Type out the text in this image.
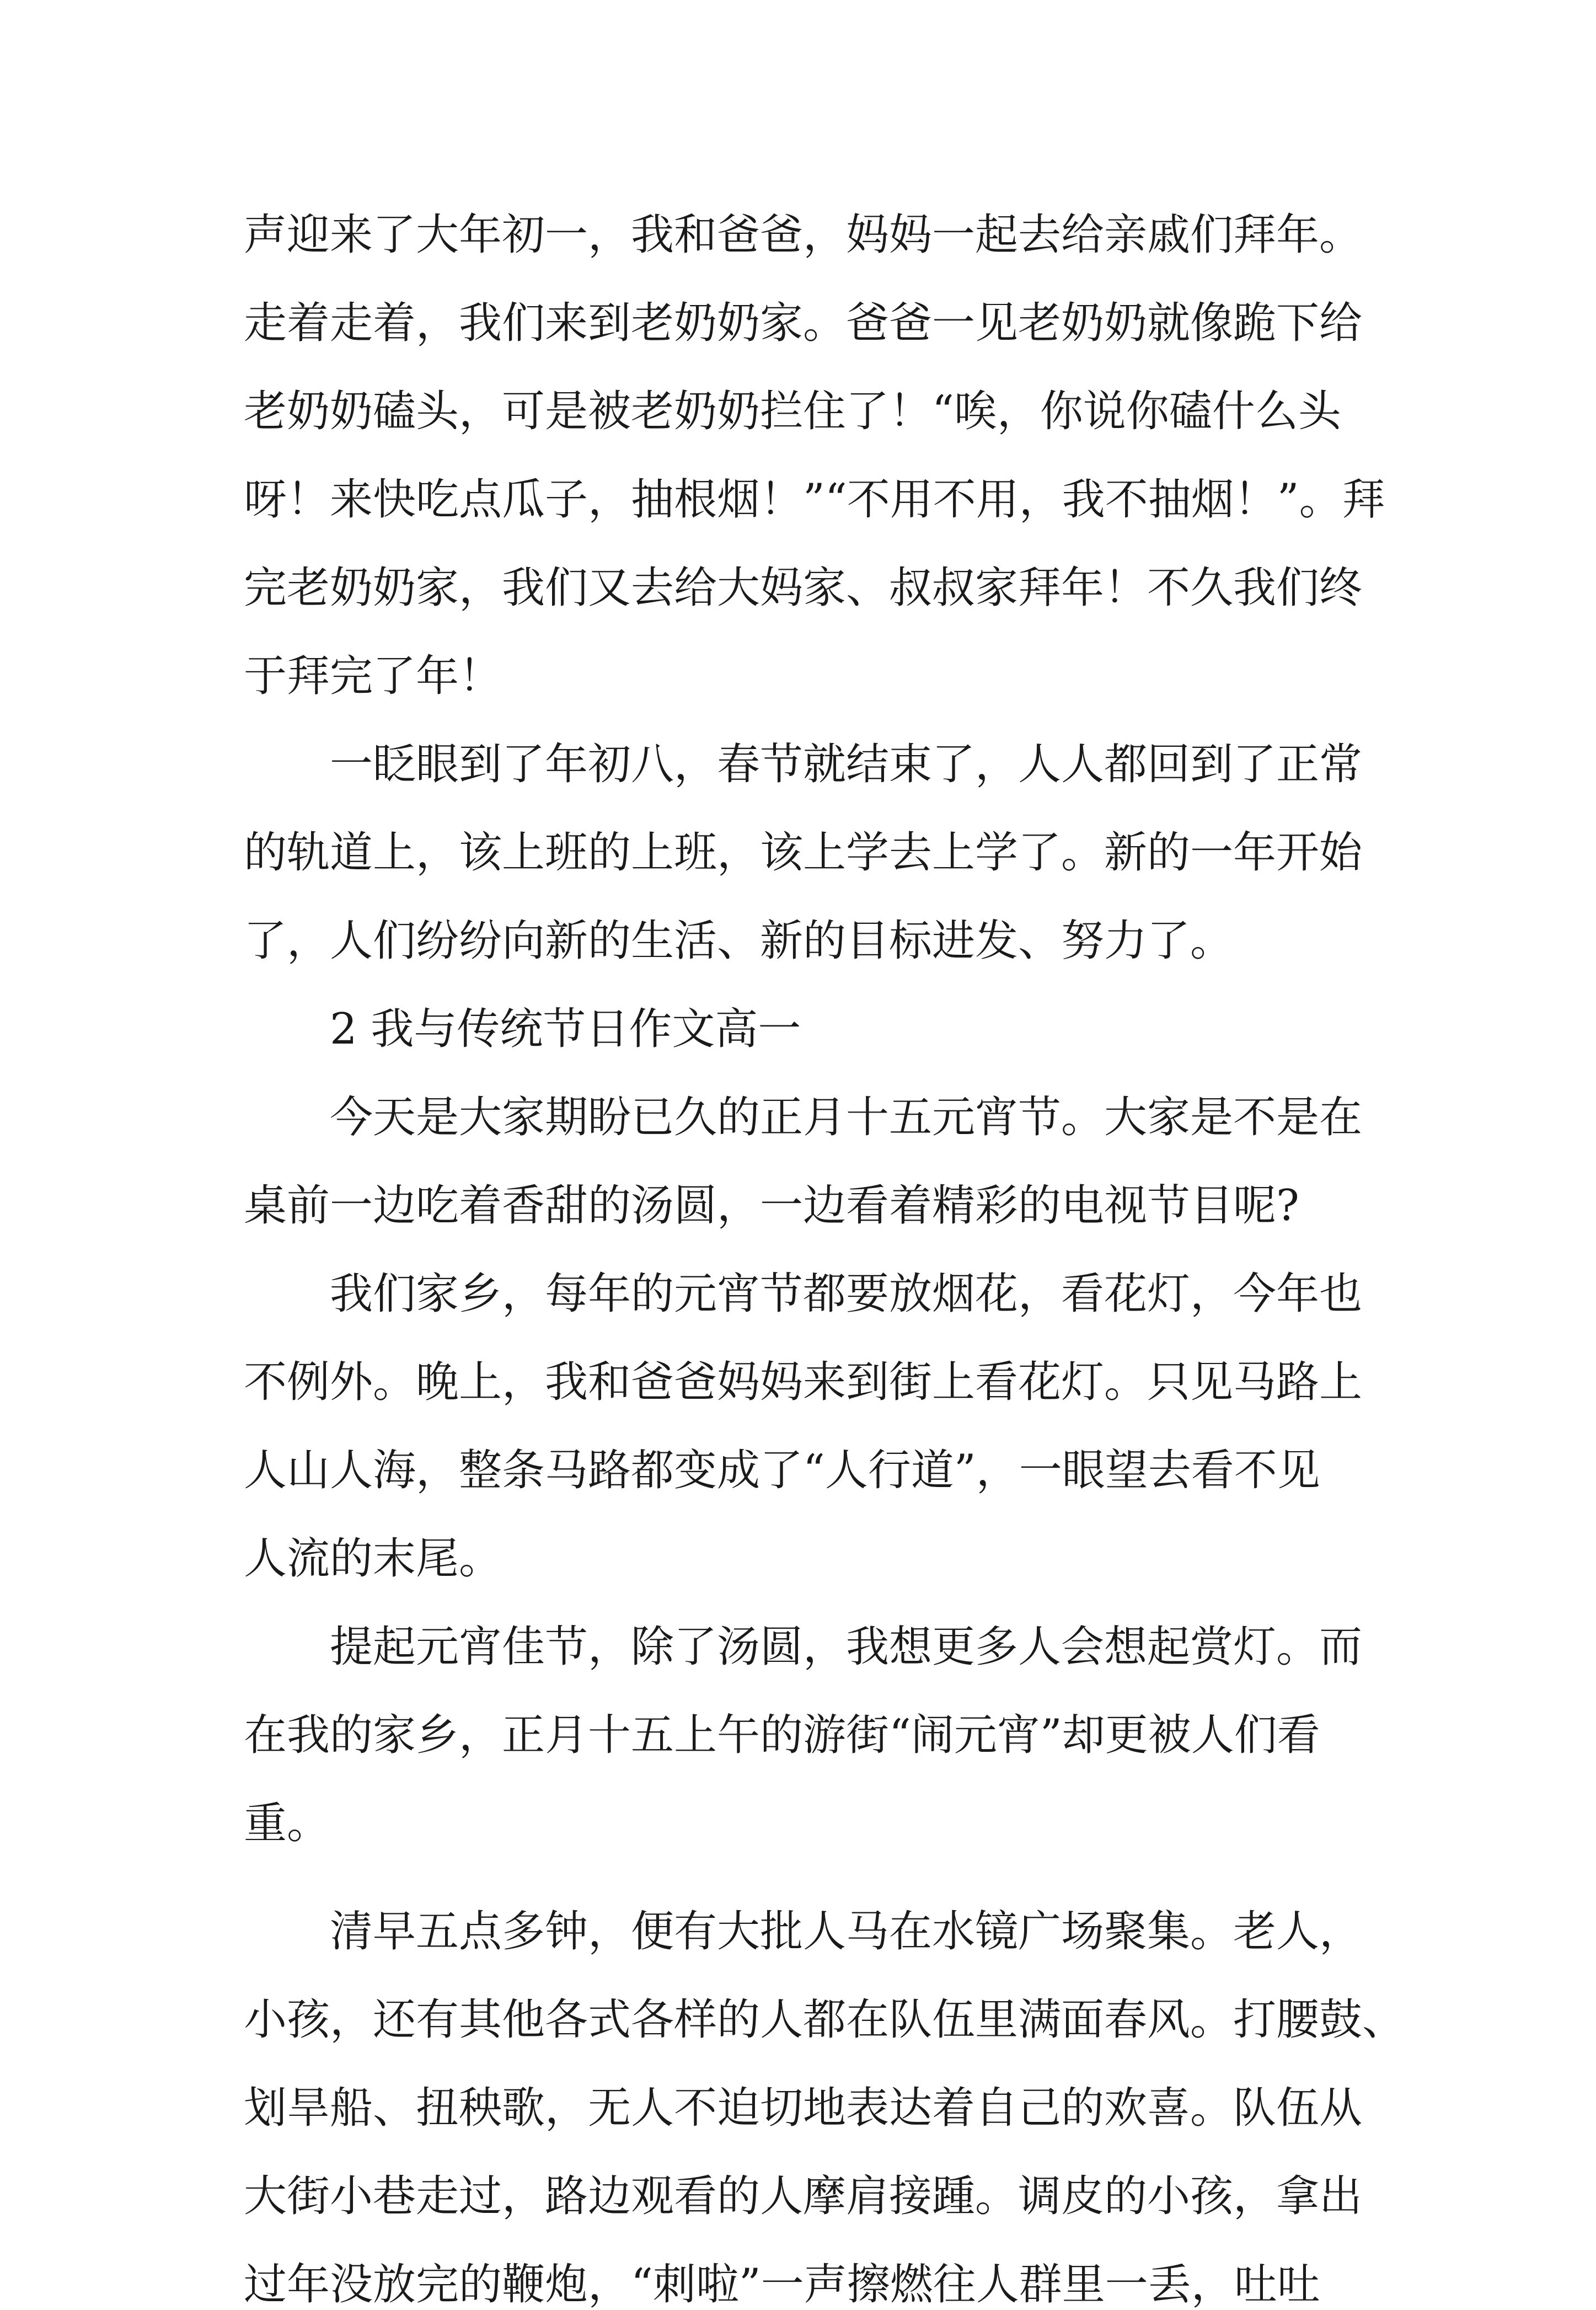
声迎来了大年初一，我和爸爸，妈妈一起去给亲戚们拜年。

走着走着，我们来到老奶奶家。爸爸一见老奶奶就像跪下给

老奶奶磕头，可是被老奶奶拦住了！“唉，你说你磕什么头

呀！来快吃点瓜子，抽根烟！”“不用不用，我不抽烟！”。拜

完老奶奶家，我们又去给大妈家、叔叔家拜年！不久我们终

于拜完了年！

　　一眨眼到了年初八，春节就结束了，人人都回到了正常

的轨道上，该上班的上班，该上学去上学了。新的一年开始

了，人们纷纷向新的生活、新的目标进发、努力了。

　　2 我与传统节日作文高一

　　今天是大家期盼已久的正月十五元宵节。大家是不是在

桌前一边吃着香甜的汤圆，一边看着精彩的电视节目呢?

　　我们家乡，每年的元宵节都要放烟花，看花灯，今年也

不例外。晚上，我和爸爸妈妈来到街上看花灯。只见马路上

人山人海，整条马路都变成了“人行道”，一眼望去看不见

人流的末尾。

　　提起元宵佳节，除了汤圆，我想更多人会想起赏灯。而

在我的家乡，正月十五上午的游街“闹元宵”却更被人们看

重。

　　清早五点多钟，便有大批人马在水镜广场聚集。老人，

小孩，还有其他各式各样的人都在队伍里满面春风。打腰鼓、

划旱船、扭秧歌，无人不迫切地表达着自己的欢喜。队伍从

大街小巷走过，路边观看的人摩肩接踵。调皮的小孩，拿出

过年没放完的鞭炮，“刺啦”一声擦燃往人群里一丢，吐吐
